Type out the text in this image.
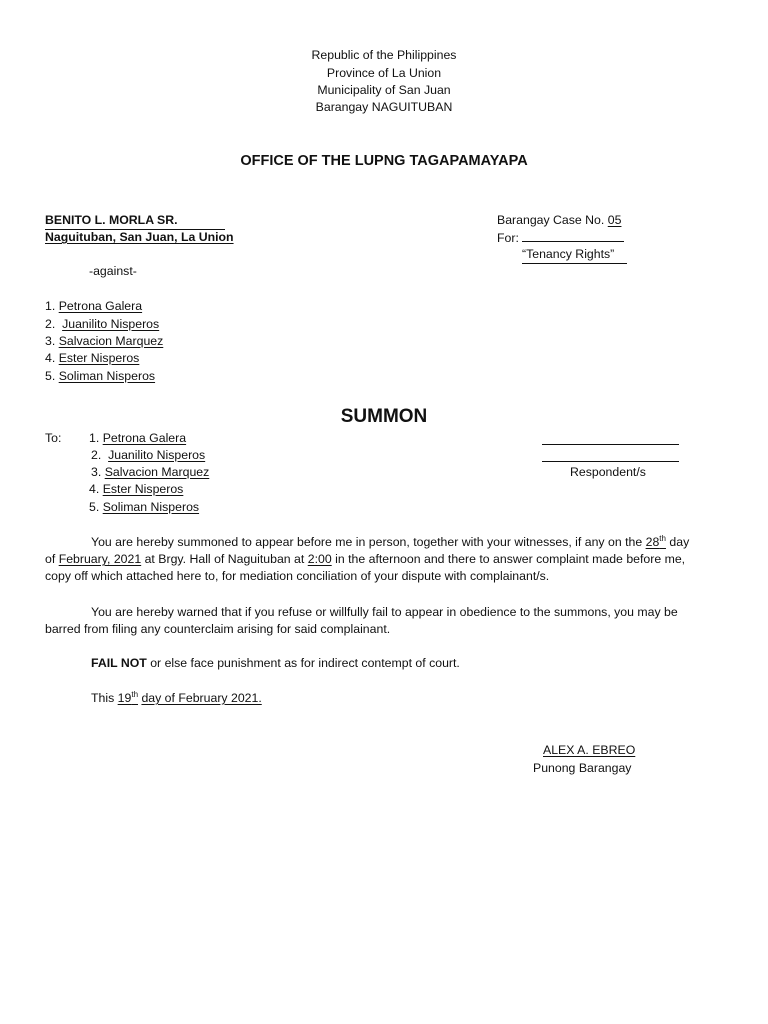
Republic of the Philippines
Province of La Union
Municipality of San Juan
Barangay NAGUITUBAN
OFFICE OF THE LUPNG TAGAPAMAYAPA
BENITO L. MORLA SR.
Naguituban, San Juan, La Union
Barangay Case No. 05
For:
“Tenancy Rights”
-against-
1. Petrona Galera
2. Juanilito Nisperos
3. Salvacion Marquez
4. Ester Nisperos
5. Soliman Nisperos
SUMMON
To: 1. Petrona Galera
2. Juanilito Nisperos
3. Salvacion Marquez
4. Ester Nisperos
5. Soliman Nisperos
Respondent/s
You are hereby summoned to appear before me in person, together with your witnesses, if any on the 28th day
of February, 2021 at Brgy. Hall of Naguituban at 2:00 in the afternoon and there to answer complaint made before me,
copy off which attached here to, for mediation conciliation of your dispute with complainant/s.
You are hereby warned that if you refuse or willfully fail to appear in obedience to the summons, you may be
barred from filing any counterclaim arising for said complainant.
FAIL NOT or else face punishment as for indirect contempt of court.
This 19th day of February 2021.
ALEX A. EBREO
Punong Barangay
